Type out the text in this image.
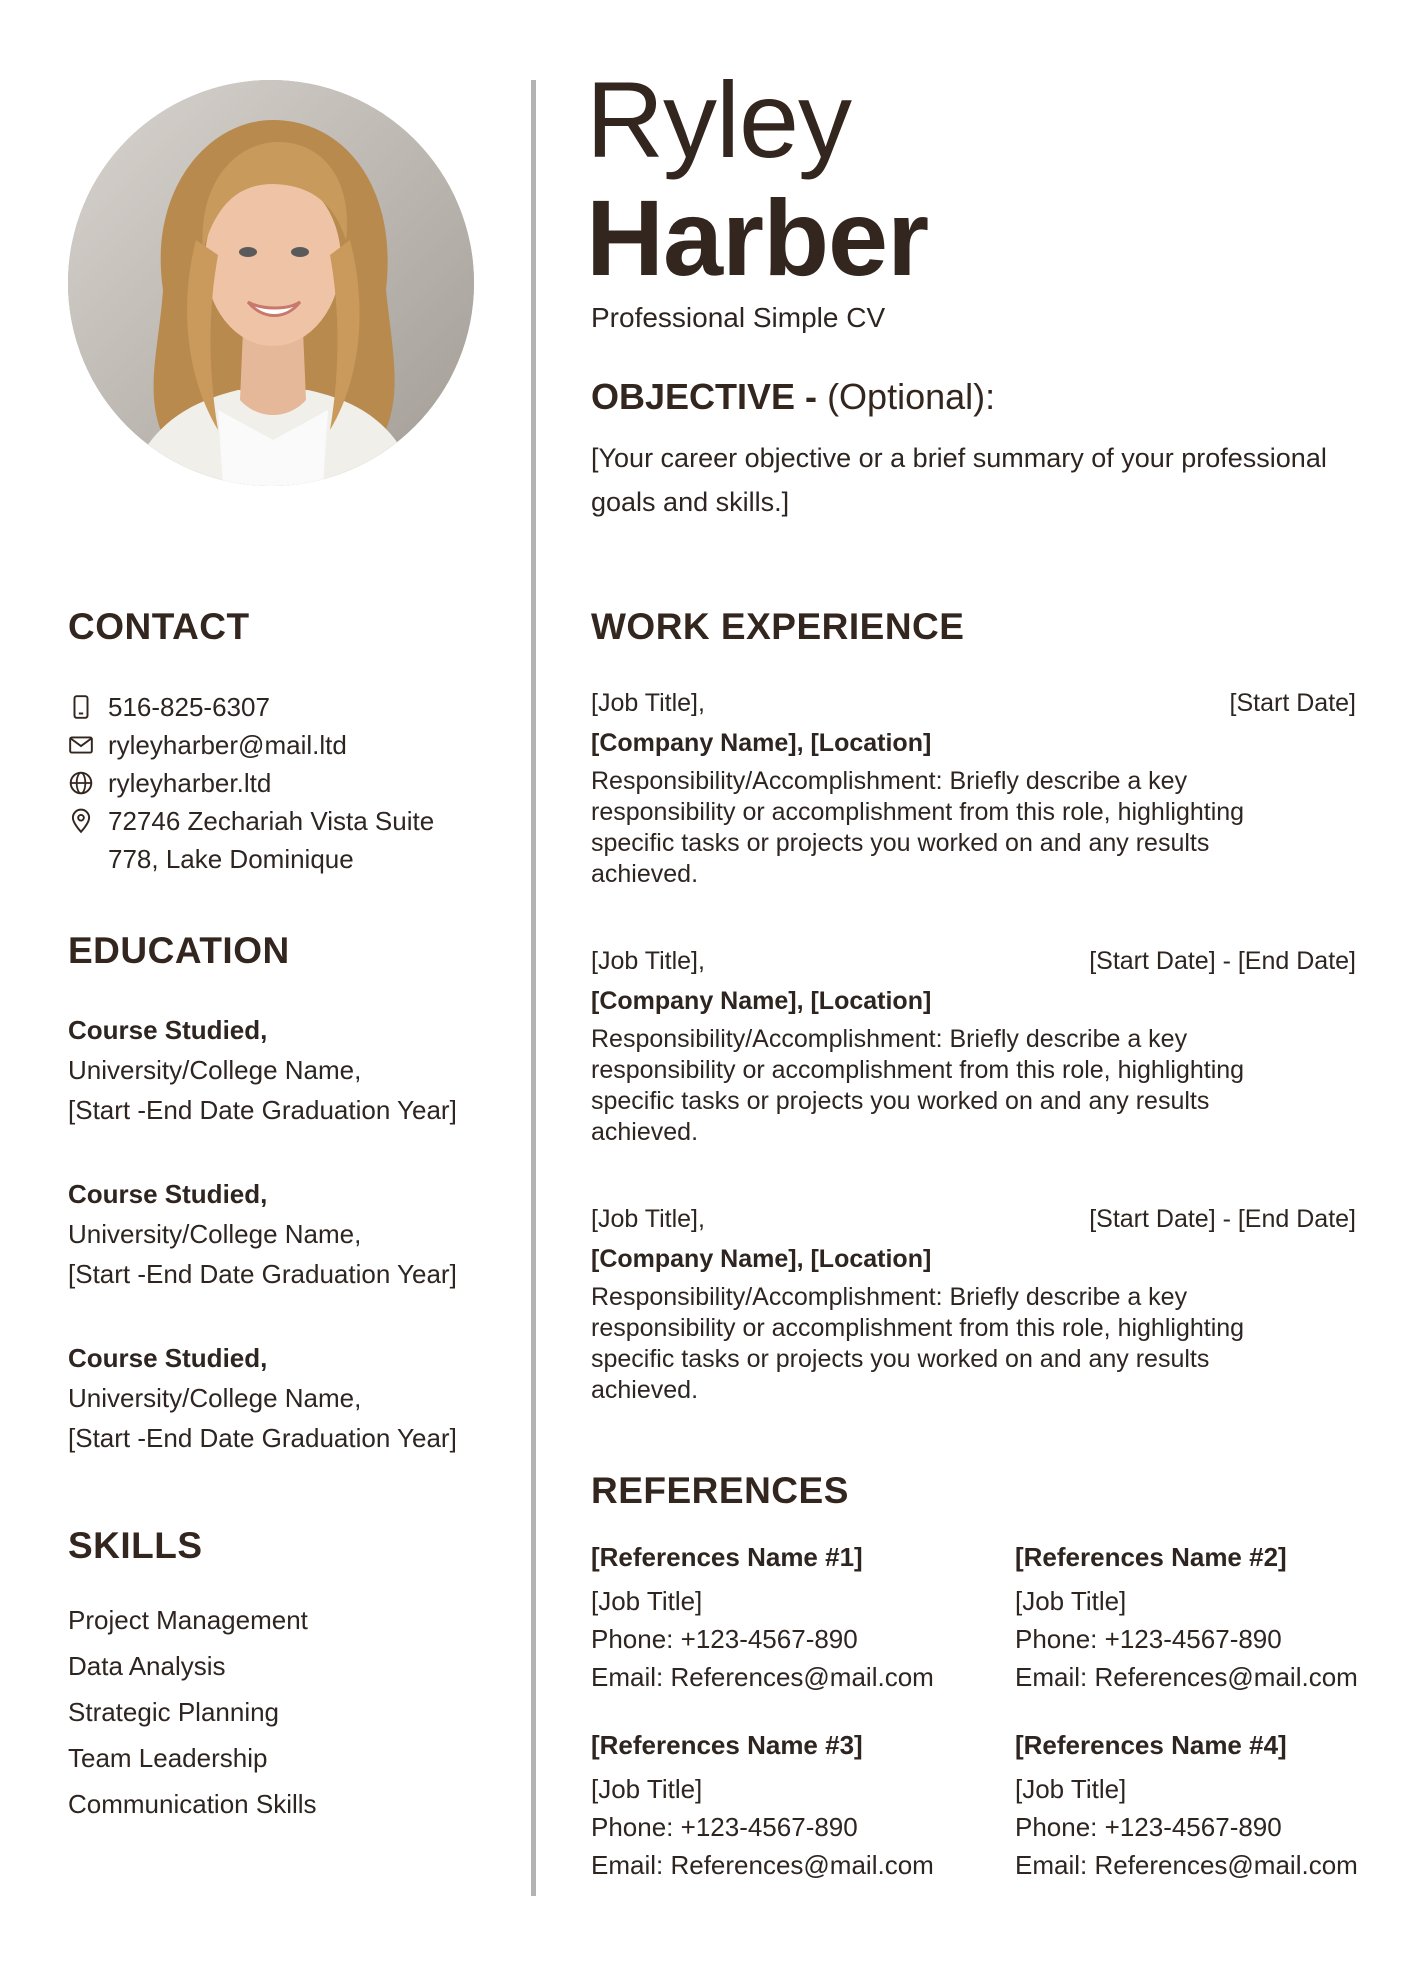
CONTACT
516-825-6307
ryleyharber@mail.ltd
ryleyharber.ltd
72746 Zechariah Vista Suite
778, Lake Dominique
EDUCATION
Course Studied,
University/College Name,
[Start -End Date Graduation Year]
Course Studied,
University/College Name,
[Start -End Date Graduation Year]
Course Studied,
University/College Name,
[Start -End Date Graduation Year]
SKILLS
Project Management
Data Analysis
Strategic Planning
Team Leadership
Communication Skills
Ryley
Harber
Professional Simple CV
OBJECTIVE - (Optional):

[Your career objective or a brief summary of your professional goals and skills.]

WORK EXPERIENCE
[Job Title],	[Start Date]
[Company Name], [Location]
Responsibility/Accomplishment: Briefly describe a key
responsibility or accomplishment from this role, highlighting
specific tasks or projects you worked on and any results
achieved.
[Job Title],	[Start Date] - [End Date]
[Company Name], [Location]
Responsibility/Accomplishment: Briefly describe a key
responsibility or accomplishment from this role, highlighting
specific tasks or projects you worked on and any results
achieved.
[Job Title],	[Start Date] - [End Date]
[Company Name], [Location]
Responsibility/Accomplishment: Briefly describe a key
responsibility or accomplishment from this role, highlighting
specific tasks or projects you worked on and any results
achieved.
REFERENCES
[References Name #1]
[Job Title]
Phone: +123-4567-890
Email: References@mail.com
[References Name #2]
[Job Title]
Phone: +123-4567-890
Email: References@mail.com
[References Name #3]
[Job Title]
Phone: +123-4567-890
Email: References@mail.com
[References Name #4]
[Job Title]
Phone: +123-4567-890
Email: References@mail.com
